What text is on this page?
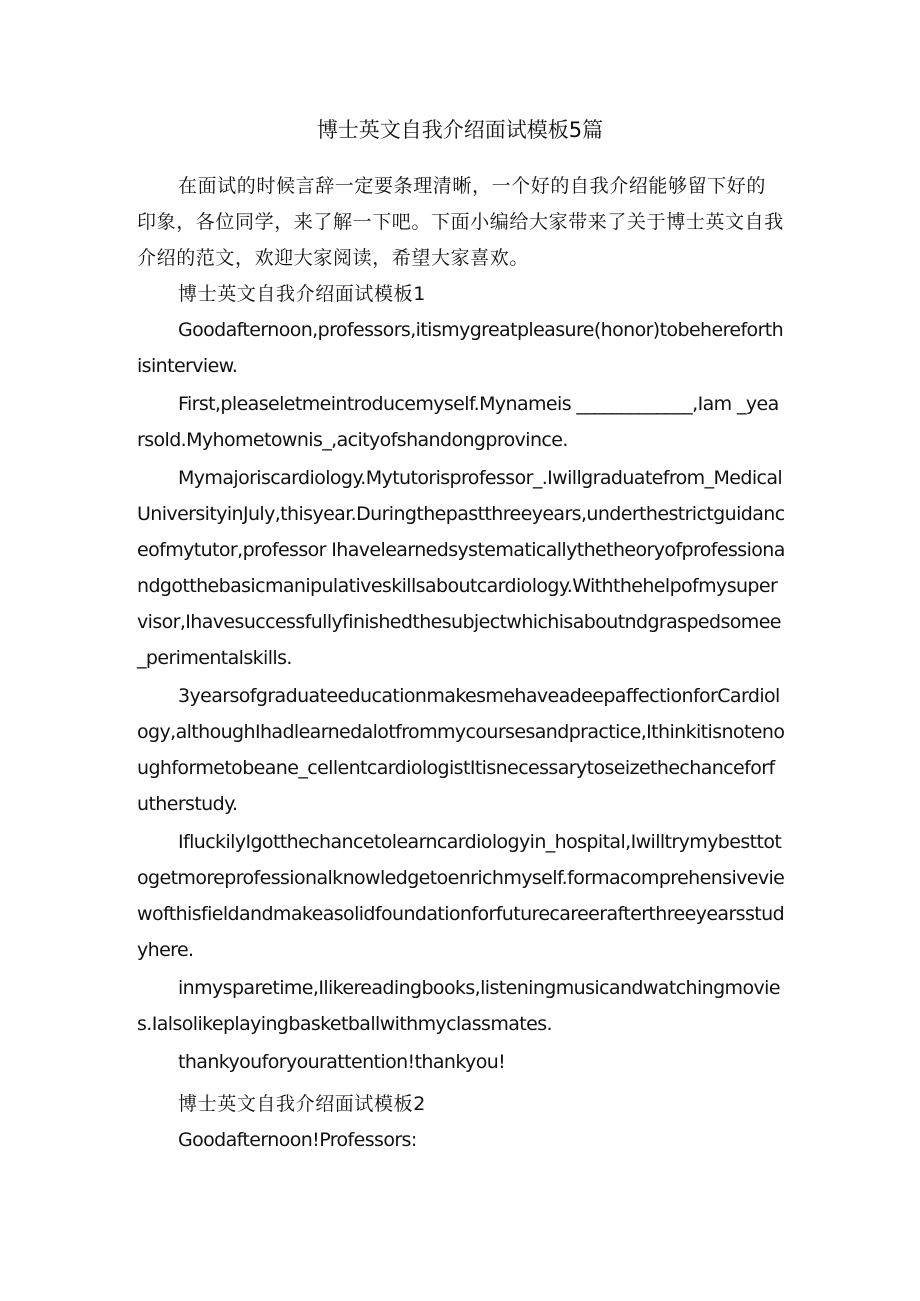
博士英文自我介绍面试模板5篇

在面试的时候言辞一定要条理清晰，一个好的自我介绍能够留下好的印象，各位同学，来了解一下吧。下面小编给大家带来了关于博士英文自我介绍的范文，欢迎大家阅读，希望大家喜欢。

博士英文自我介绍面试模板1

Goodafternoon,professors,itismygreatpleasure(honor)tobehereforthisinterview.

First,pleaseletmeintroducemyself.Mynameis _____________,Iam _yearsold.Myhometownis_,acityofshandongprovince.

Mymajoriscardiology.Mytutorisprofessor_.Iwillgraduatefrom_MedicalUniversityinJuly,thisyear.Duringthepastthreeyears,underthestrictguidanceofmytutor,professor Ihavelearnedsystematicallythetheoryofprofessionandgotthebasicmanipulativeskillsaboutcardiology.Withthehelpofmysupervisor,Ihavesuccessfullyfinishedthesubjectwhichisaboutndgraspedsomee_perimentalskills.

3yearsofgraduateeducationmakesmehaveadeepaffectionforCardiology,althoughIhadlearnedalotfrommycoursesandpractice,Ithinkitisnotenoughformetobeane_cellentcardiologistItisnecessarytoseizethechanceforfutherstudy.

IfluckilyIgotthechancetolearncardiologyin_hospital,Iwilltrymybesttotogetmoreprofessionalknowledgetoenrichmyself.formacomprehensiveviewofthisfieldandmakeasolidfoundationforfuturecareerafterthreeyearsstudyhere.

inmysparetime,Ilikereadingbooks,listeningmusicandwatchingmovies.Ialsolikeplayingbasketballwithmyclassmates.

thankyouforyourattention!thankyou!

博士英文自我介绍面试模板2

Goodafternoon!Professors:
